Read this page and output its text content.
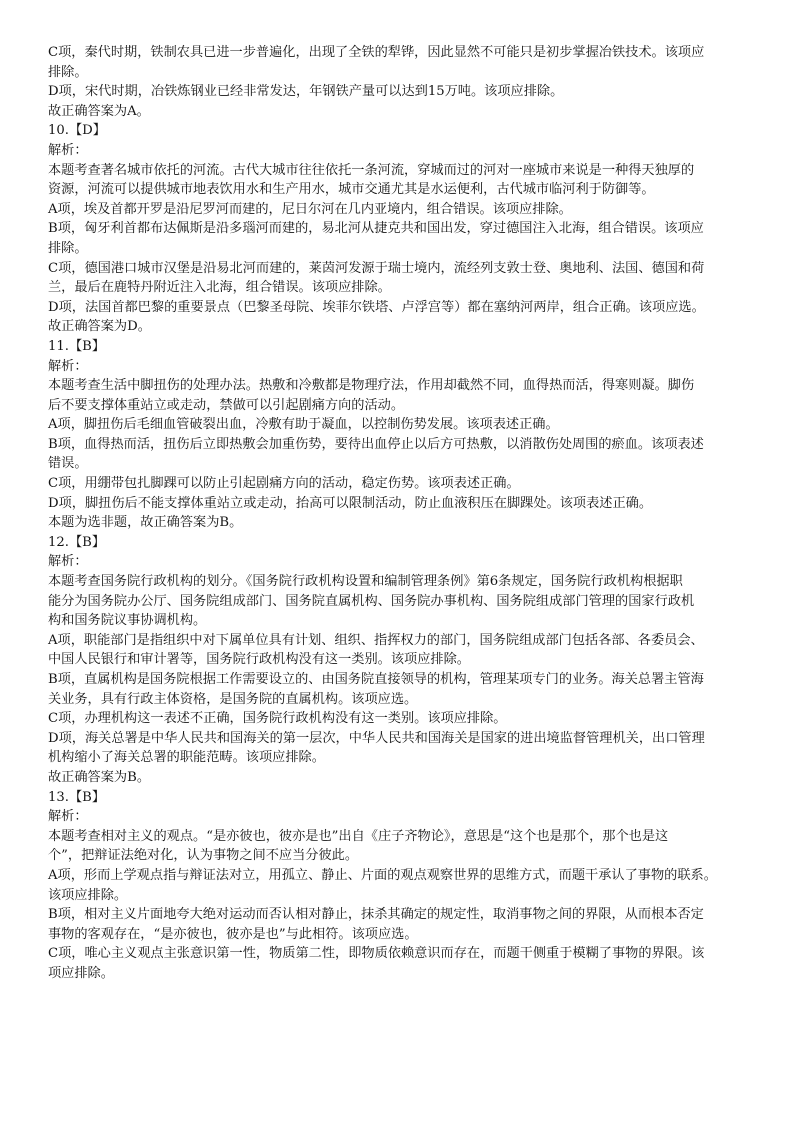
C项，秦代时期，铁制农具已进一步普遍化，出现了全铁的犁铧，因此显然不可能只是初步掌握冶铁技术。该项应
排除。
D项，宋代时期，冶铁炼钢业已经非常发达，年钢铁产量可以达到15万吨。该项应排除。
故正确答案为A。
10.【D】
解析：
本题考查著名城市依托的河流。古代大城市往往依托一条河流，穿城而过的河对一座城市来说是一种得天独厚的
资源，河流可以提供城市地表饮用水和生产用水，城市交通尤其是水运便利，古代城市临河利于防御等。
A项，埃及首都开罗是沿尼罗河而建的，尼日尔河在几内亚境内，组合错误。该项应排除。
B项，匈牙利首都布达佩斯是沿多瑙河而建的，易北河从捷克共和国出发，穿过德国注入北海，组合错误。该项应
排除。
C项，德国港口城市汉堡是沿易北河而建的，莱茵河发源于瑞士境内，流经列支敦士登、奥地利、法国、德国和荷
兰，最后在鹿特丹附近注入北海，组合错误。该项应排除。
D项，法国首都巴黎的重要景点（巴黎圣母院、埃菲尔铁塔、卢浮宫等）都在塞纳河两岸，组合正确。该项应选。
故正确答案为D。
11.【B】
解析：
本题考查生活中脚扭伤的处理办法。热敷和冷敷都是物理疗法，作用却截然不同，血得热而活，得寒则凝。脚伤
后不要支撑体重站立或走动，禁做可以引起剧痛方向的活动。
A项，脚扭伤后毛细血管破裂出血，冷敷有助于凝血，以控制伤势发展。该项表述正确。
B项，血得热而活，扭伤后立即热敷会加重伤势，要待出血停止以后方可热敷，以消散伤处周围的瘀血。该项表述
错误。
C项，用绷带包扎脚踝可以防止引起剧痛方向的活动，稳定伤势。该项表述正确。
D项，脚扭伤后不能支撑体重站立或走动，抬高可以限制活动，防止血液积压在脚踝处。该项表述正确。
本题为选非题，故正确答案为B。
12.【B】
解析：
本题考查国务院行政机构的划分。《国务院行政机构设置和编制管理条例》第6条规定，国务院行政机构根据职
能分为国务院办公厅、国务院组成部门、国务院直属机构、国务院办事机构、国务院组成部门管理的国家行政机
构和国务院议事协调机构。
A项，职能部门是指组织中对下属单位具有计划、组织、指挥权力的部门，国务院组成部门包括各部、各委员会、
中国人民银行和审计署等，国务院行政机构没有这一类别。该项应排除。
B项，直属机构是国务院根据工作需要设立的、由国务院直接领导的机构，管理某项专门的业务。海关总署主管海
关业务，具有行政主体资格，是国务院的直属机构。该项应选。
C项，办理机构这一表述不正确，国务院行政机构没有这一类别。该项应排除。
D项，海关总署是中华人民共和国海关的第一层次，中华人民共和国海关是国家的进出境监督管理机关，出口管理
机构缩小了海关总署的职能范畴。该项应排除。
故正确答案为B。
13.【B】
解析：
本题考查相对主义的观点。“是亦彼也，彼亦是也”出自《庄子齐物论》，意思是“这个也是那个，那个也是这
个”，把辩证法绝对化，认为事物之间不应当分彼此。
A项，形而上学观点指与辩证法对立，用孤立、静止、片面的观点观察世界的思维方式，而题干承认了事物的联系。
该项应排除。
B项，相对主义片面地夸大绝对运动而否认相对静止，抹杀其确定的规定性，取消事物之间的界限，从而根本否定
事物的客观存在，“是亦彼也，彼亦是也”与此相符。该项应选。
C项，唯心主义观点主张意识第一性，物质第二性，即物质依赖意识而存在，而题干侧重于模糊了事物的界限。该
项应排除。
